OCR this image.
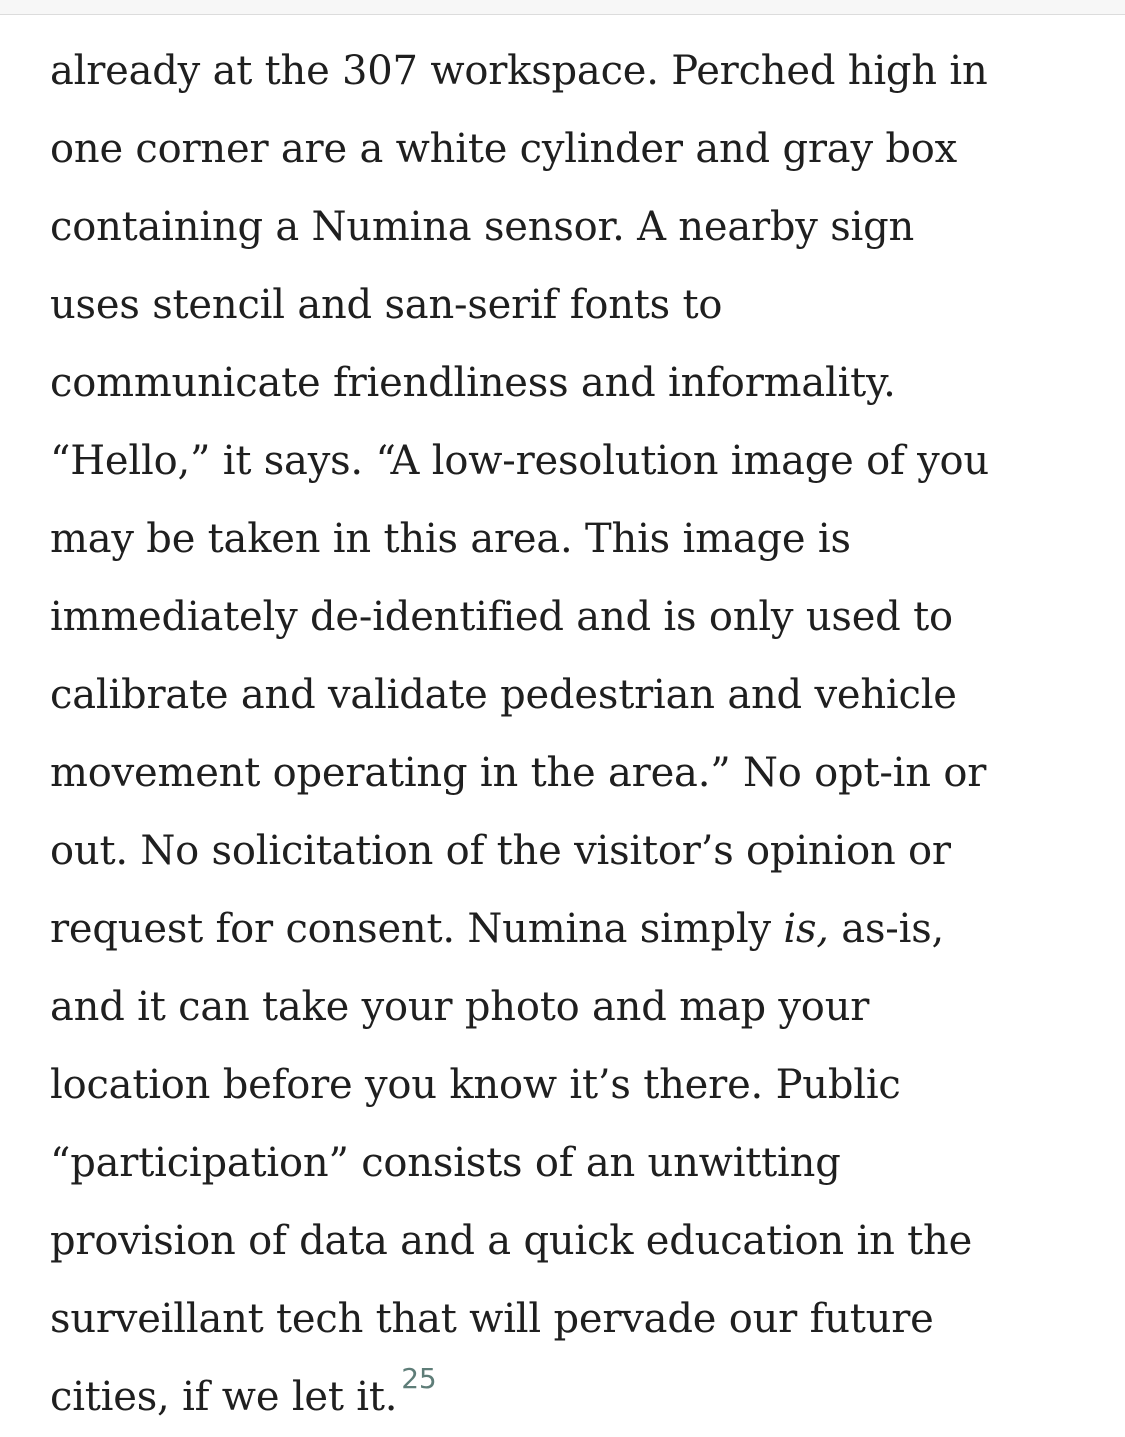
already at the 307 workspace. Perched high in
one corner are a white cylinder and gray box
containing a Numina sensor. A nearby sign
uses stencil and san-serif fonts to
communicate friendliness and informality.
“Hello,” it says. “A low-resolution image of you
may be taken in this area. This image is
immediately de-identified and is only used to
calibrate and validate pedestrian and vehicle
movement operating in the area.” No opt-in or
out. No solicitation of the visitor’s opinion or
request for consent. Numina simply is, as-is,
and it can take your photo and map your
location before you know it’s there. Public
“participation” consists of an unwitting
provision of data and a quick education in the
surveillant tech that will pervade our future
cities, if we let it. $^{25}$
